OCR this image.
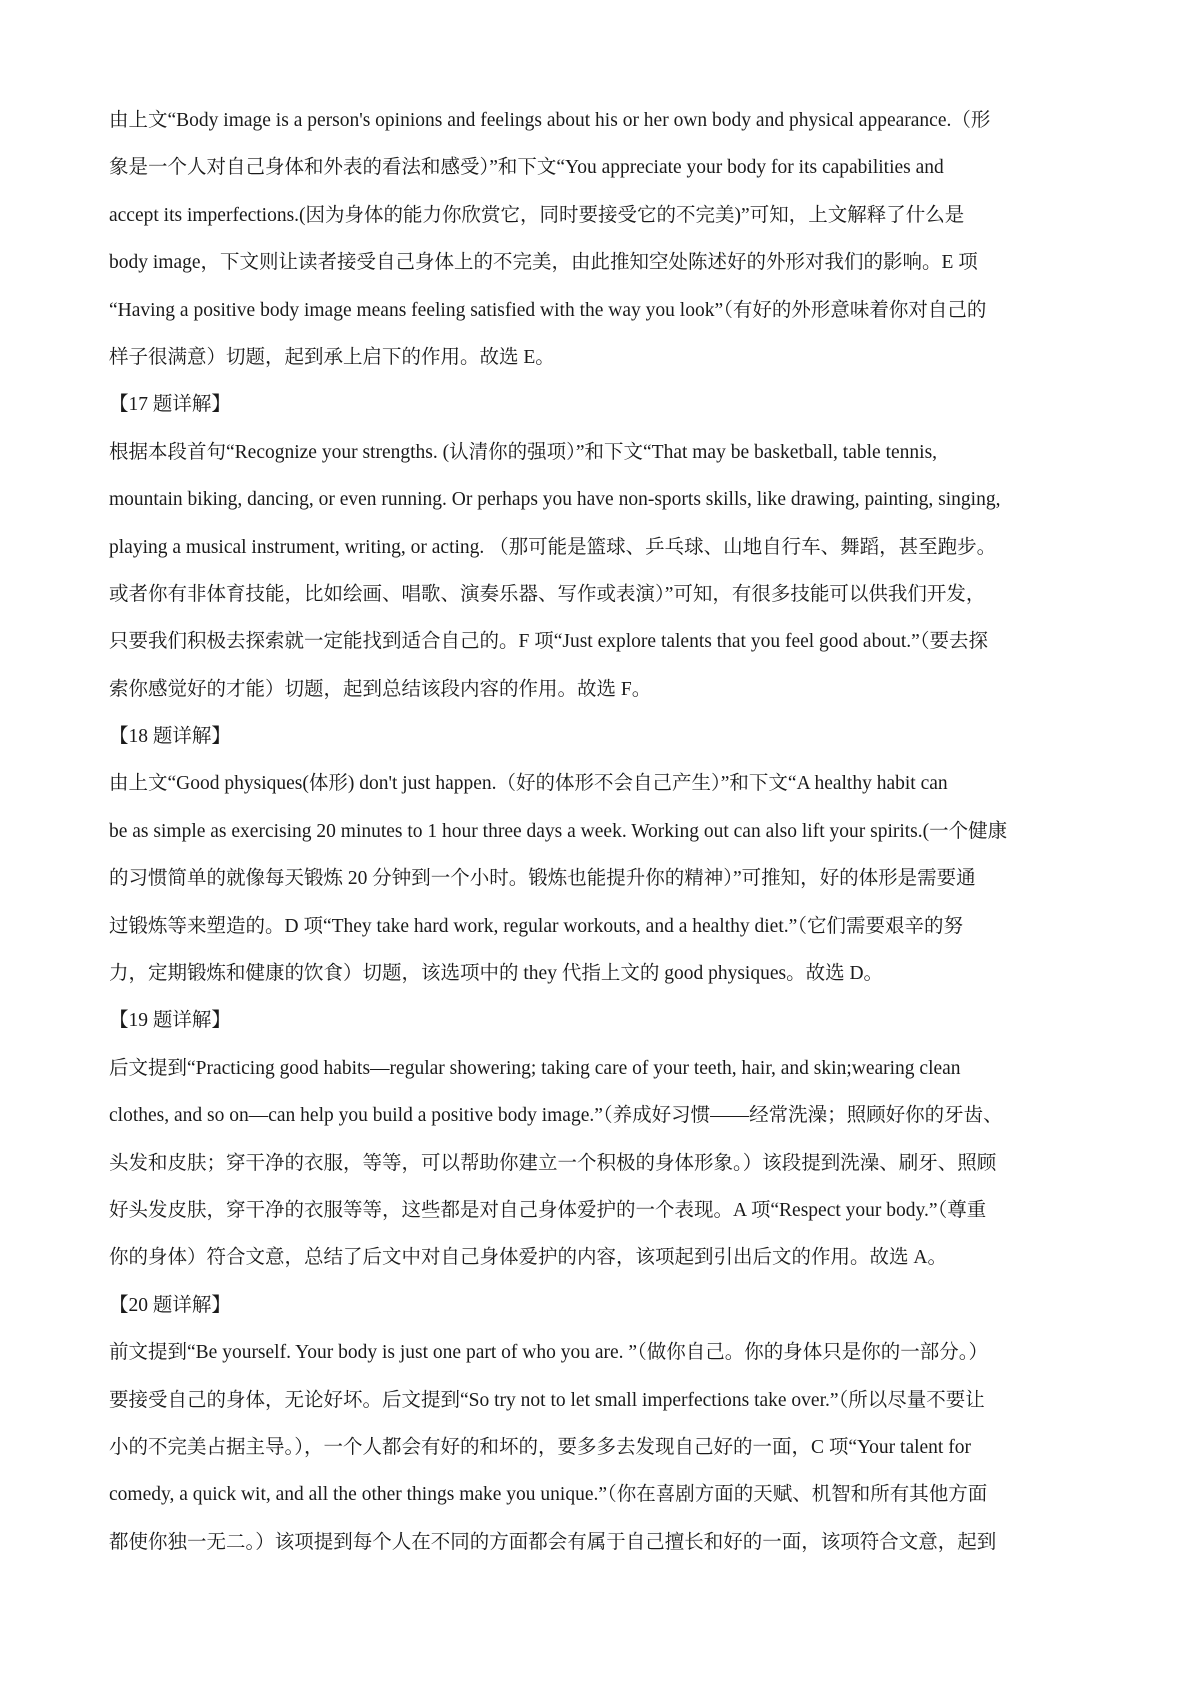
由上文“Body image is a person's opinions and feelings about his or her own body and physical appearance.（形
象是一个人对自己身体和外表的看法和感受）”和下文“You appreciate your body for its capabilities and
accept its imperfections.(因为身体的能力你欣赏它，同时要接受它的不完美)”可知，上文解释了什么是
body image，下文则让读者接受自己身体上的不完美，由此推知空处陈述好的外形对我们的影响。E 项
“Having a positive body image means feeling satisfied with the way you look”（有好的外形意味着你对自己的
样子很满意）切题，起到承上启下的作用。故选 E。
【17 题详解】
根据本段首句“Recognize your strengths. (认清你的强项）”和下文“That may be basketball, table tennis,
mountain biking, dancing, or even running. Or perhaps you have non-sports skills, like drawing, painting, singing,
playing a musical instrument, writing, or acting. （那可能是篮球、乒乓球、山地自行车、舞蹈，甚至跑步。
或者你有非体育技能，比如绘画、唱歌、演奏乐器、写作或表演）”可知，有很多技能可以供我们开发，
只要我们积极去探索就一定能找到适合自己的。F 项“Just explore talents that you feel good about.”（要去探
索你感觉好的才能）切题，起到总结该段内容的作用。故选 F。
【18 题详解】
由上文“Good physiques(体形) don't just happen.（好的体形不会自己产生）”和下文“A healthy habit can
be as simple as exercising 20 minutes to 1 hour three days a week. Working out can also lift your spirits.(一个健康
的习惯简单的就像每天锻炼 20 分钟到一个小时。锻炼也能提升你的精神）”可推知，好的体形是需要通
过锻炼等来塑造的。D 项“They take hard work, regular workouts, and a healthy diet.”（它们需要艰辛的努
力，定期锻炼和健康的饮食）切题，该选项中的 they 代指上文的 good physiques。故选 D。
【19 题详解】
后文提到“Practicing good habits—regular showering; taking care of your teeth, hair, and skin;wearing clean
clothes, and so on—can help you build a positive body image.”（养成好习惯——经常洗澡；照顾好你的牙齿、
头发和皮肤；穿干净的衣服，等等，可以帮助你建立一个积极的身体形象。）该段提到洗澡、刷牙、照顾
好头发皮肤，穿干净的衣服等等，这些都是对自己身体爱护的一个表现。A 项“Respect your body.”（尊重
你的身体）符合文意，总结了后文中对自己身体爱护的内容，该项起到引出后文的作用。故选 A。
【20 题详解】
前文提到“Be yourself. Your body is just one part of who you are. ”（做你自己。你的身体只是你的一部分。）
要接受自己的身体，无论好坏。后文提到“So try not to let small imperfections take over.”（所以尽量不要让
小的不完美占据主导。），一个人都会有好的和坏的，要多多去发现自己好的一面，C 项“Your talent for
comedy, a quick wit, and all the other things make you unique.”（你在喜剧方面的天赋、机智和所有其他方面
都使你独一无二。）该项提到每个人在不同的方面都会有属于自己擅长和好的一面，该项符合文意，起到
